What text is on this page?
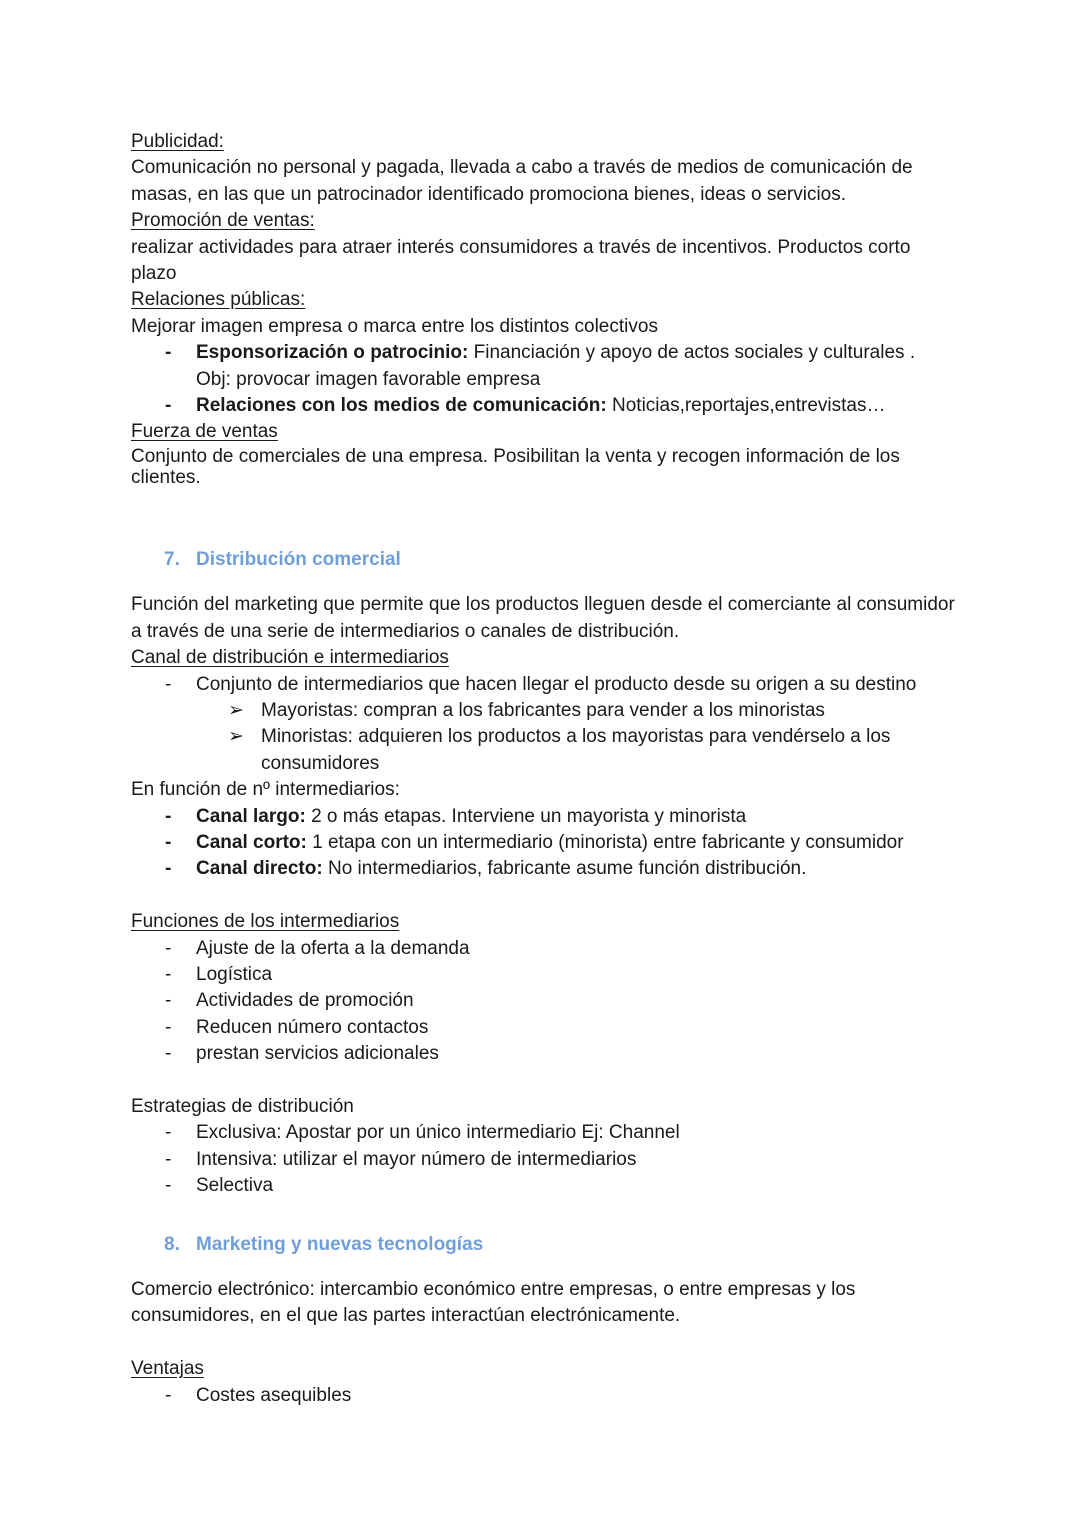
Publicidad:

Comunicación no personal y pagada, llevada a cabo a través de medios de comunicación de masas, en las que un patrocinador identificado promociona bienes, ideas o servicios.

Promoción de ventas:

realizar actividades para atraer interés consumidores a través de incentivos. Productos corto plazo

Relaciones públicas:

Mejorar imagen empresa o marca entre los distintos colectivos

- Esponsorización o patrocinio: Financiación y apoyo de actos sociales y culturales . Obj: provocar imagen favorable empresa
- Relaciones con los medios de comunicación: Noticias,reportajes,entrevistas…

Fuerza de ventas

Conjunto de comerciales de una empresa. Posibilitan la venta y recogen información de los clientes.

7. Distribución comercial

Función del marketing que permite que los productos lleguen desde el comerciante al consumidor a través de una serie de intermediarios o canales de distribución.

Canal de distribución e intermediarios

- Conjunto de intermediarios que hacen llegar el producto desde su origen a su destino
➢ Mayoristas: compran a los fabricantes para vender a los minoristas
➢ Minoristas: adquieren los productos a los mayoristas para vendérselo a los consumidores

En función de nº intermediarios:

- Canal largo: 2 o más etapas. Interviene un mayorista y minorista
- Canal corto: 1 etapa con un intermediario (minorista) entre fabricante y consumidor
- Canal directo: No intermediarios, fabricante asume función distribución.

Funciones de los intermediarios

- Ajuste de la oferta a la demanda
- Logística
- Actividades de promoción
- Reducen número contactos
- prestan servicios adicionales

Estrategias de distribución

- Exclusiva: Apostar por un único intermediario Ej: Channel
- Intensiva: utilizar el mayor número de intermediarios
- Selectiva

8. Marketing y nuevas tecnologías

Comercio electrónico: intercambio económico entre empresas, o entre empresas y los consumidores, en el que las partes interactúan electrónicamente.

Ventajas

- Costes asequibles
